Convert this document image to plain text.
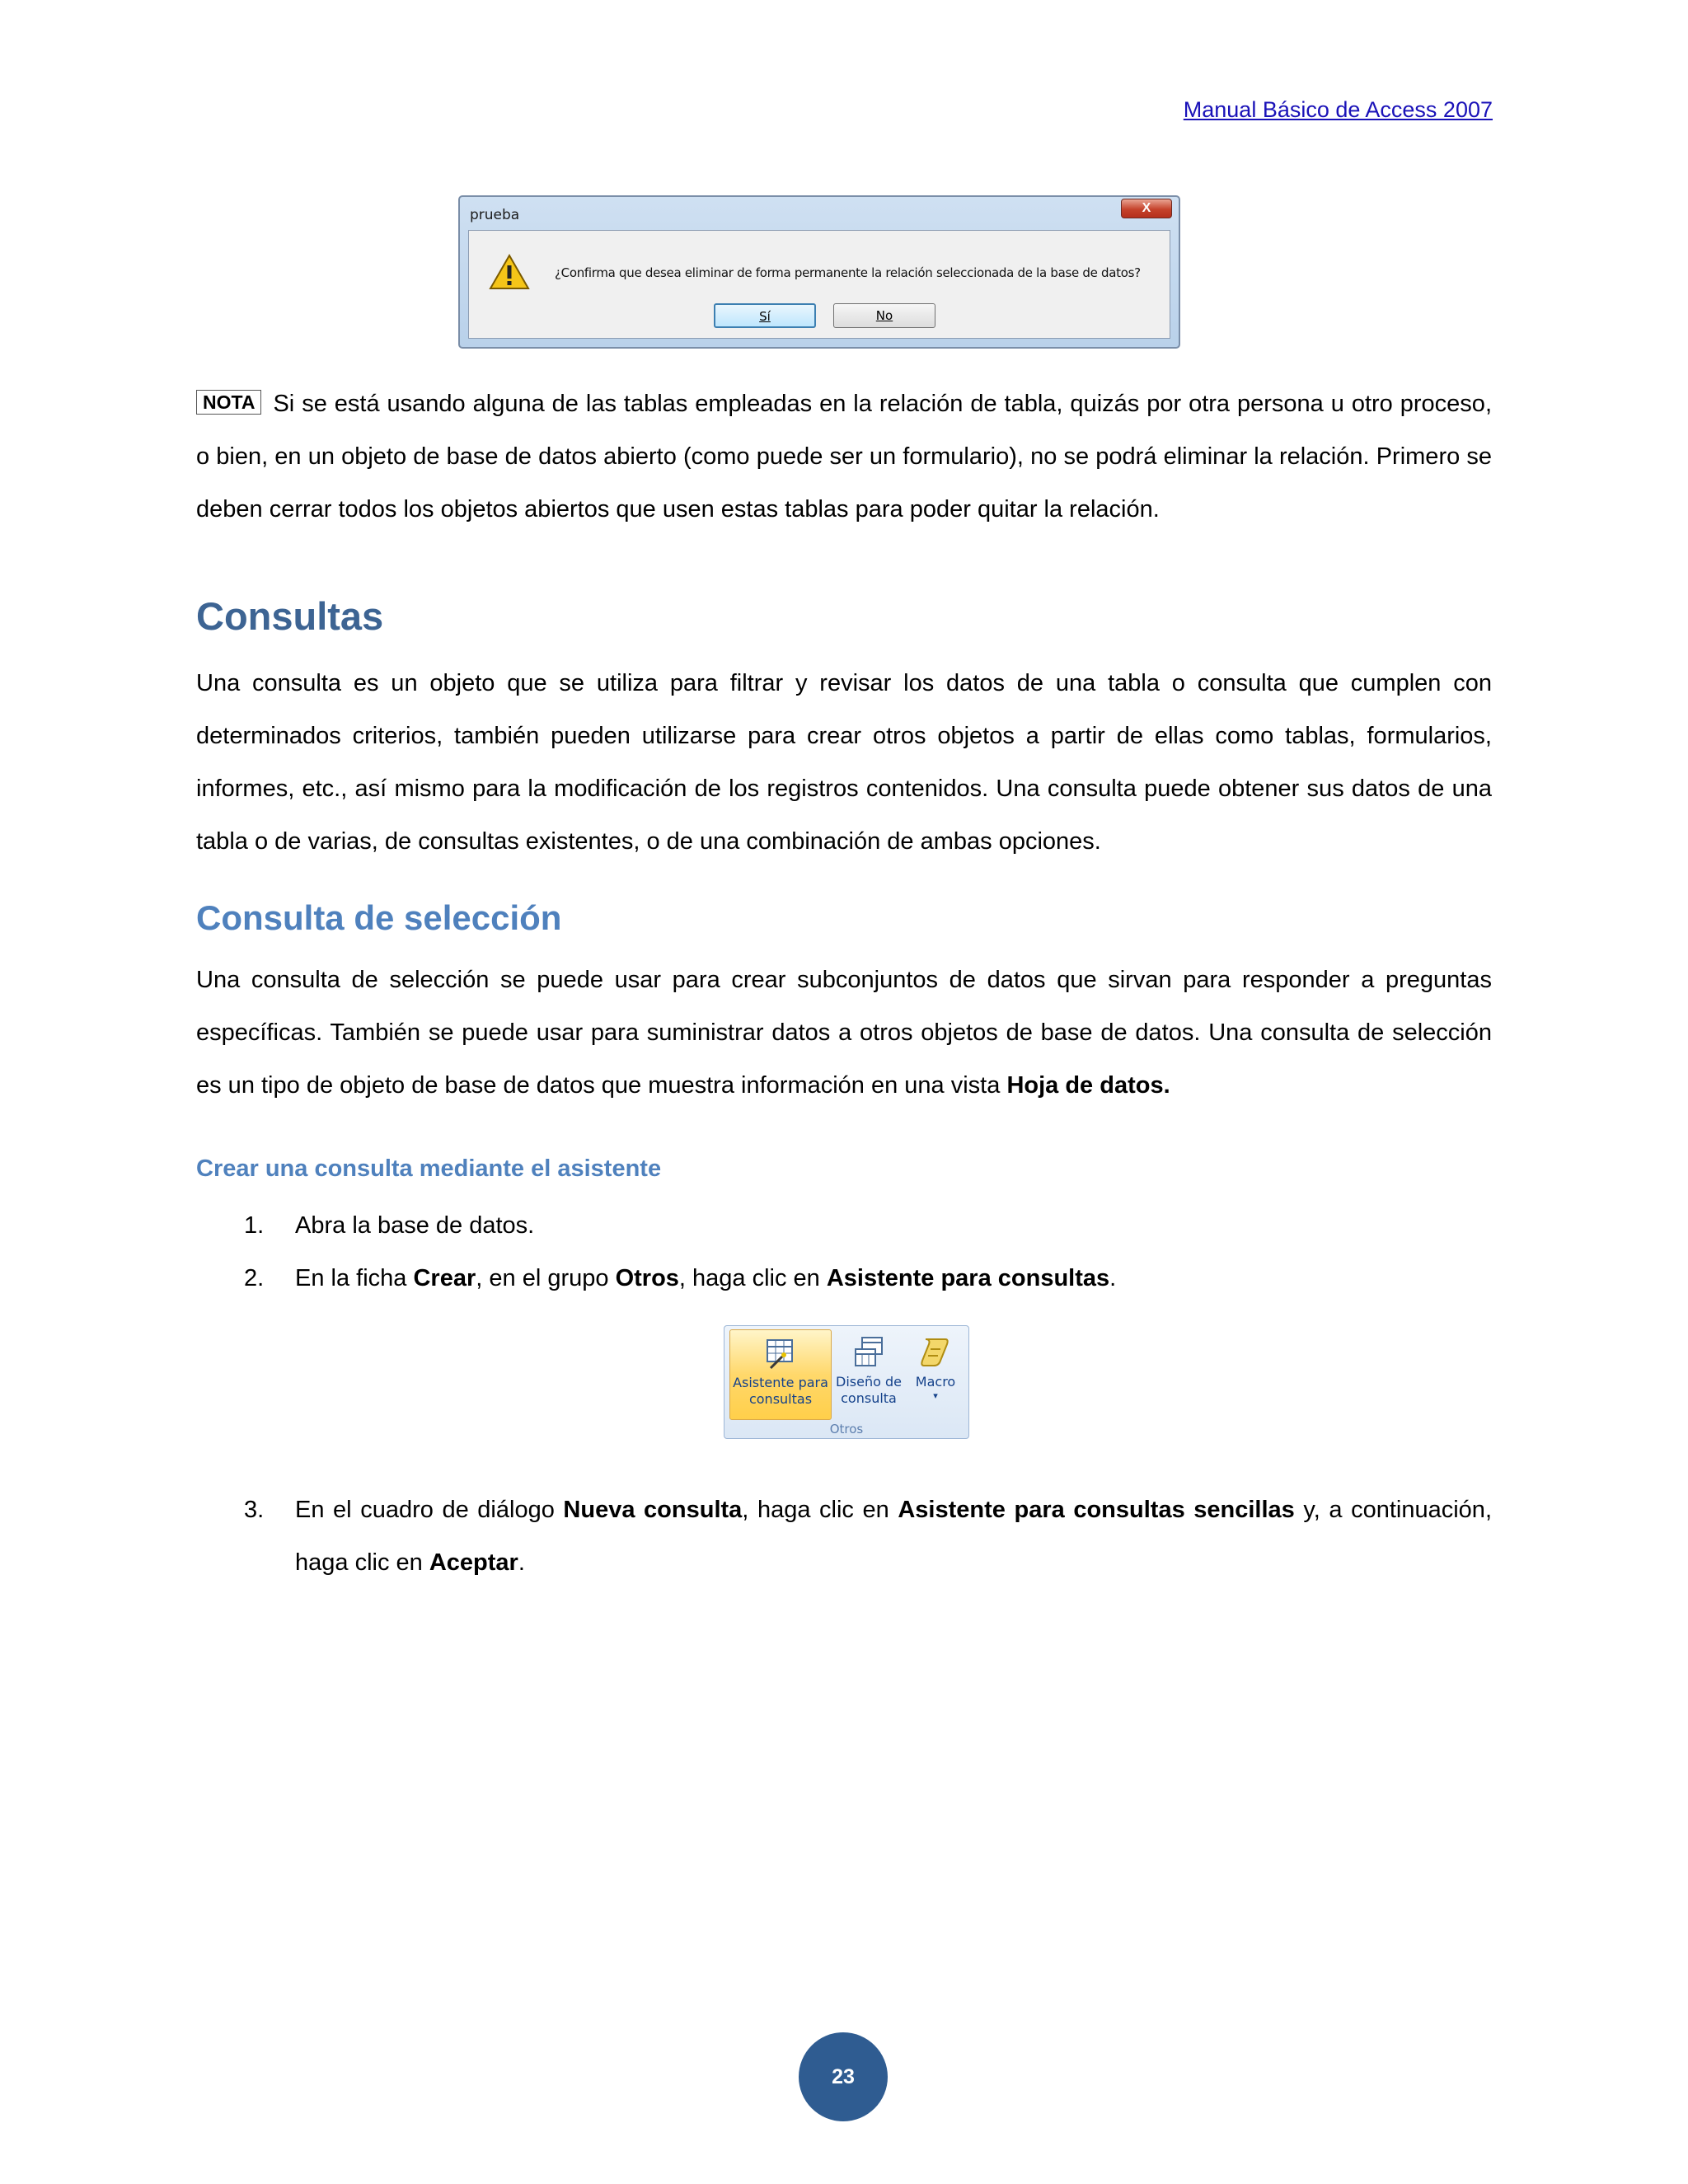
Manual Básico de Access 2007
prueba	X
¿Confirma que desea eliminar de forma permanente la relación seleccionada de la base de datos?
Sí	No
NOTA Si se está usando alguna de las tablas empleadas en la relación de tabla, quizás por otra persona u otro proceso, o bien, en un objeto de base de datos abierto (como puede ser un formulario), no se podrá eliminar la relación. Primero se deben cerrar todos los objetos abiertos que usen estas tablas para poder quitar la relación.
Consultas
Una consulta es un objeto que se utiliza para filtrar y revisar los datos de una tabla o consulta que cumplen con determinados criterios, también pueden utilizarse para crear otros objetos a partir de ellas como tablas, formularios, informes, etc., así mismo para la modificación de los registros contenidos. Una consulta puede obtener sus datos de una tabla o de varias, de consultas existentes, o de una combinación de ambas opciones.
Consulta de selección
Una consulta de selección se puede usar para crear subconjuntos de datos que sirvan para responder a preguntas específicas. También se puede usar para suministrar datos a otros objetos de base de datos. Una consulta de selección es un tipo de objeto de base de datos que muestra información en una vista Hoja de datos.
Crear una consulta mediante el asistente
1. Abra la base de datos.
2. En la ficha Crear, en el grupo Otros, haga clic en Asistente para consultas.
Asistente para
consultas
Diseño de
consulta
Macro
▾
Otros
3. En el cuadro de diálogo Nueva consulta, haga clic en Asistente para consultas sencillas y, a continuación, haga clic en Aceptar.
23
